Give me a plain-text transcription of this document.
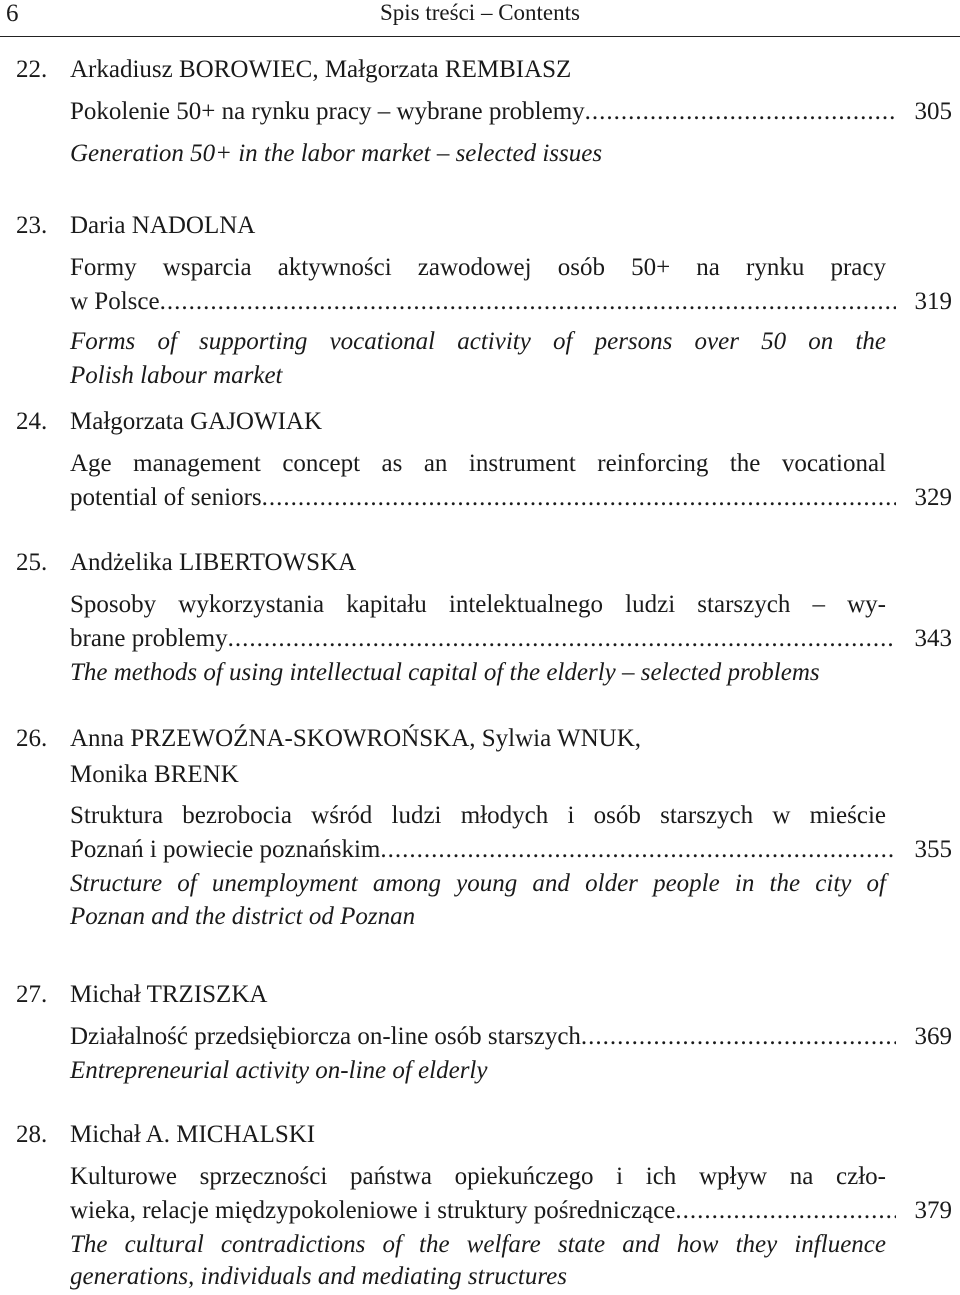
6	Spis treści – Contents
22. Arkadiusz BOROWIEC, Małgorzata REMBIASZ
Pokolenie 50+ na rynku pracy – wybrane problemy .....	305
Generation 50+ in the labor market – selected issues
23. Daria NADOLNA
Formy wsparcia aktywności zawodowej osób 50+ na rynku pracy
w Polsce .....	319
Forms of supporting vocational activity of persons over 50 on the
Polish labour market
24. Małgorzata GAJOWIAK
Age management concept as an instrument reinforcing the vocational
potential of seniors .....	329
25. Andżelika LIBERTOWSKA
Sposoby wykorzystania kapitału intelektualnego ludzi starszych – wy-
brane problemy .....	343
The methods of using intellectual capital of the elderly – selected problems
26. Anna PRZEWOŹNA-SKOWROŃSKA, Sylwia WNUK,
Monika BRENK
Struktura bezrobocia wśród ludzi młodych i osób starszych w mieście
Poznań i powiecie poznańskim .....	355
Structure of unemployment among young and older people in the city of
Poznan and the district od Poznan
27. Michał TRZISZKA
Działalność przedsiębiorcza on-line osób starszych .....	369
Entrepreneurial activity on-line of elderly
28. Michał A. MICHALSKI
Kulturowe sprzeczności państwa opiekuńczego i ich wpływ na czło-
wieka, relacje międzypokoleniowe i struktury pośredniczące .....	379
The cultural contradictions of the welfare state and how they influence
generations, individuals and mediating structures
